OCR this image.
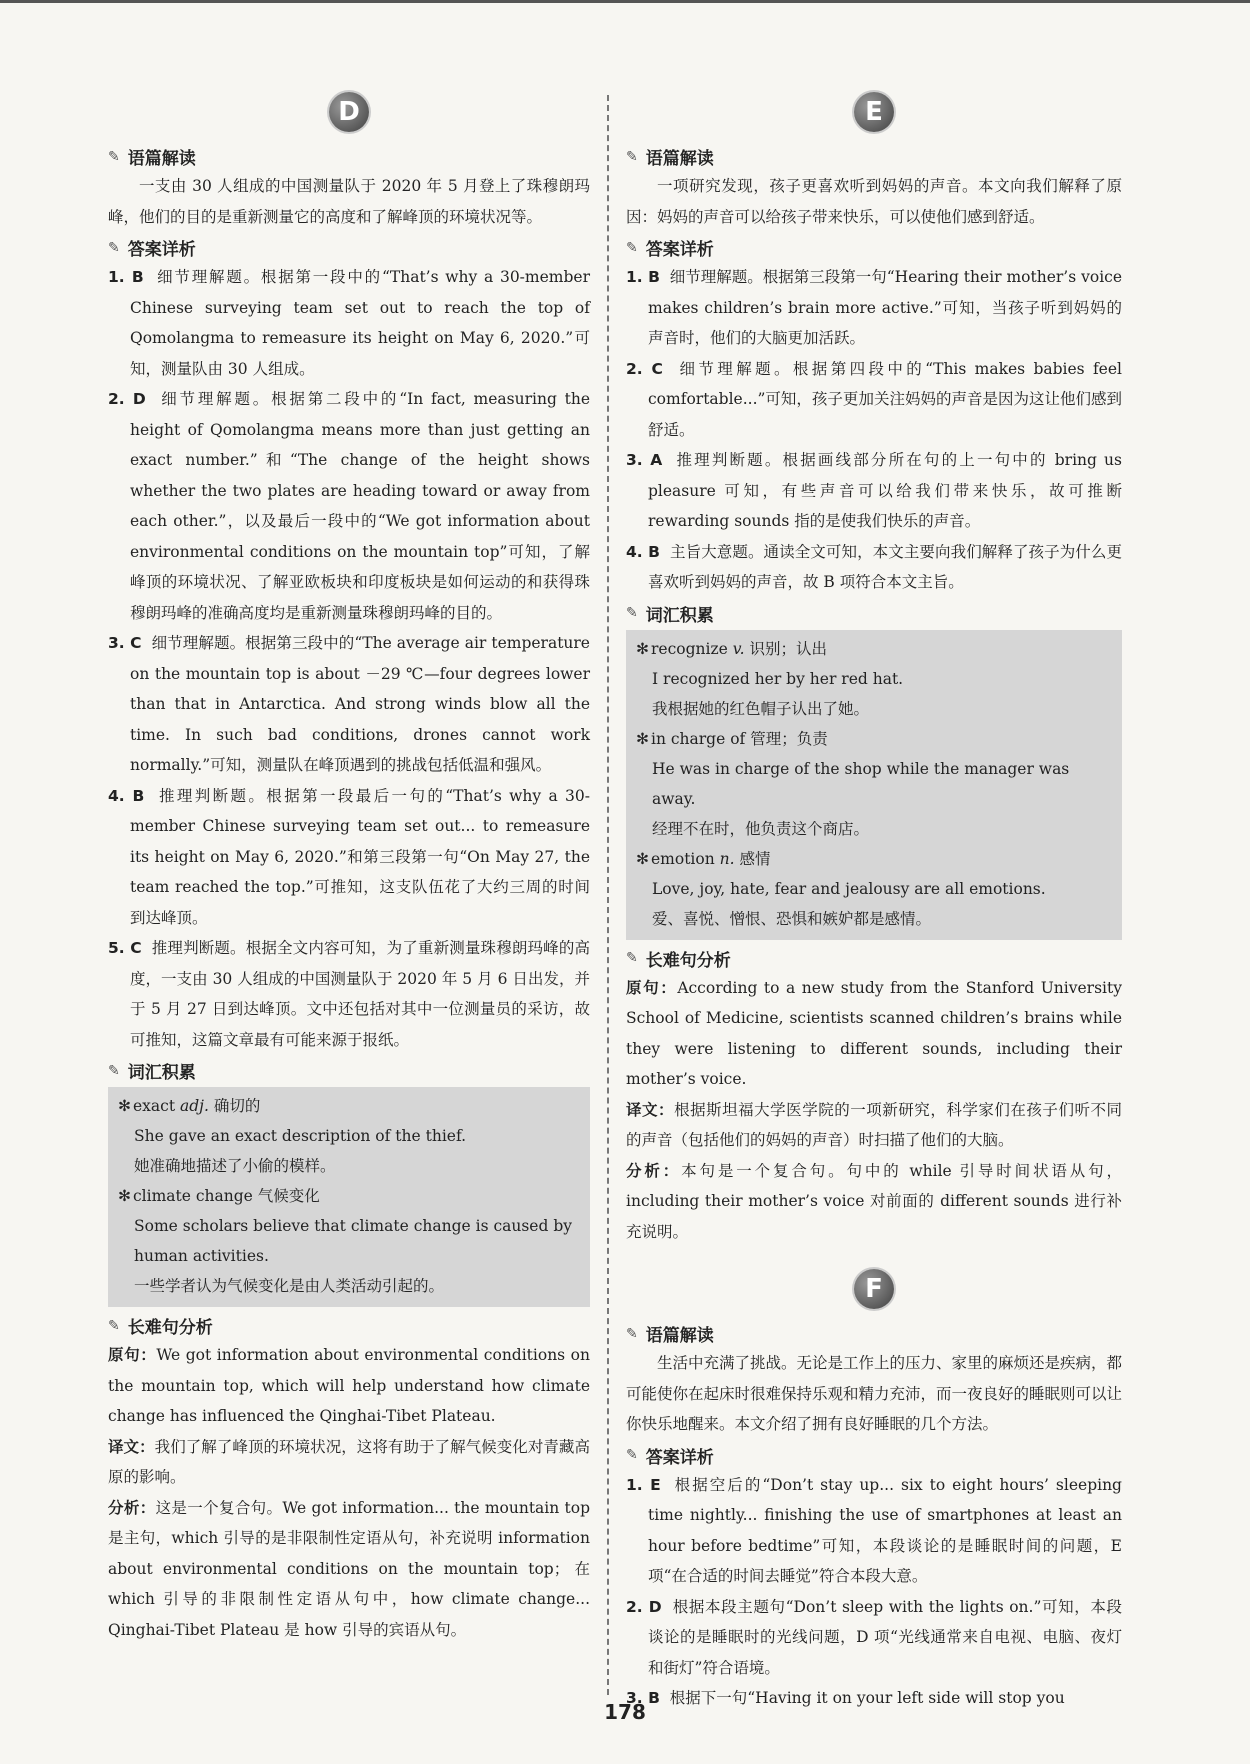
D
✎ 语篇解读

一支由 30 人组成的中国测量队于 2020 年 5 月登上了珠穆朗玛峰，他们的目的是重新测量它的高度和了解峰顶的环境状况等。

✎ 答案详析

1. B 细节理解题。根据第一段中的“That’s why a 30-member Chinese surveying team set out to reach the top of Qomolangma to remeasure its height on May 6, 2020.”可知，测量队由 30 人组成。

2. D 细节理解题。根据第二段中的“In fact, measuring the height of Qomolangma means more than just getting an exact number.”和“The change of the height shows whether the two plates are heading toward or away from each other.”，以及最后一段中的“We got information about environmental conditions on the mountain top”可知，了解峰顶的环境状况、了解亚欧板块和印度板块是如何运动的和获得珠穆朗玛峰的准确高度均是重新测量珠穆朗玛峰的目的。

3. C 细节理解题。根据第三段中的“The average air temperature on the mountain top is about －29 ℃—four degrees lower than that in Antarctica. And strong winds blow all the time. In such bad conditions, drones cannot work normally.”可知，测量队在峰顶遇到的挑战包括低温和强风。

4. B 推理判断题。根据第一段最后一句的“That’s why a 30-member Chinese surveying team set out... to remeasure its height on May 6, 2020.”和第三段第一句“On May 27, the team reached the top.”可推知，这支队伍花了大约三周的时间到达峰顶。

5. C 推理判断题。根据全文内容可知，为了重新测量珠穆朗玛峰的高度，一支由 30 人组成的中国测量队于 2020 年 5 月 6 日出发，并于 5 月 27 日到达峰顶。文中还包括对其中一位测量员的采访，故可推知，这篇文章最有可能来源于报纸。

✎ 词汇积累

✻ exact adj. 确切的

She gave an exact description of the thief.

她准确地描述了小偷的模样。

✻ climate change 气候变化

Some scholars believe that climate change is caused by human activities.

一些学者认为气候变化是由人类活动引起的。

✎ 长难句分析

原句：We got information about environmental conditions on the mountain top, which will help understand how climate change has influenced the Qinghai-Tibet Plateau.

译文：我们了解了峰顶的环境状况，这将有助于了解气候变化对青藏高原的影响。

分析：这是一个复合句。We got information... the mountain top 是主句，which 引导的是非限制性定语从句，补充说明 information about environmental conditions on the mountain top；在 which 引导的非限制性定语从句中，how climate change... Qinghai-Tibet Plateau 是 how 引导的宾语从句。

E
✎ 语篇解读

一项研究发现，孩子更喜欢听到妈妈的声音。本文向我们解释了原因：妈妈的声音可以给孩子带来快乐，可以使他们感到舒适。

✎ 答案详析

1. B 细节理解题。根据第三段第一句“Hearing their mother’s voice makes children’s brain more active.”可知，当孩子听到妈妈的声音时，他们的大脑更加活跃。

2. C 细节理解题。根据第四段中的“This makes babies feel comfortable...”可知，孩子更加关注妈妈的声音是因为这让他们感到舒适。

3. A 推理判断题。根据画线部分所在句的上一句中的 bring us pleasure 可知，有些声音可以给我们带来快乐，故可推断 rewarding sounds 指的是使我们快乐的声音。

4. B 主旨大意题。通读全文可知，本文主要向我们解释了孩子为什么更喜欢听到妈妈的声音，故 B 项符合本文主旨。

✎ 词汇积累

✻ recognize v. 识别；认出

I recognized her by her red hat.

我根据她的红色帽子认出了她。

✻ in charge of 管理；负责

He was in charge of the shop while the manager was away.

经理不在时，他负责这个商店。

✻ emotion n. 感情

Love, joy, hate, fear and jealousy are all emotions.

爱、喜悦、憎恨、恐惧和嫉妒都是感情。

✎ 长难句分析

原句：According to a new study from the Stanford University School of Medicine, scientists scanned children’s brains while they were listening to different sounds, including their mother’s voice.

译文：根据斯坦福大学医学院的一项新研究，科学家们在孩子们听不同的声音（包括他们的妈妈的声音）时扫描了他们的大脑。

分析：本句是一个复合句。句中的 while 引导时间状语从句，including their mother’s voice 对前面的 different sounds 进行补充说明。

F
✎ 语篇解读

生活中充满了挑战。无论是工作上的压力、家里的麻烦还是疾病，都可能使你在起床时很难保持乐观和精力充沛，而一夜良好的睡眠则可以让你快乐地醒来。本文介绍了拥有良好睡眠的几个方法。

✎ 答案详析

1. E 根据空后的“Don’t stay up... six to eight hours’ sleeping time nightly... finishing the use of smartphones at least an hour before bedtime”可知，本段谈论的是睡眠时间的问题，E 项“在合适的时间去睡觉”符合本段大意。

2. D 根据本段主题句“Don’t sleep with the lights on.”可知，本段谈论的是睡眠时的光线问题，D 项“光线通常来自电视、电脑、夜灯和街灯”符合语境。

3. B 根据下一句“Having it on your left side will stop you

178
